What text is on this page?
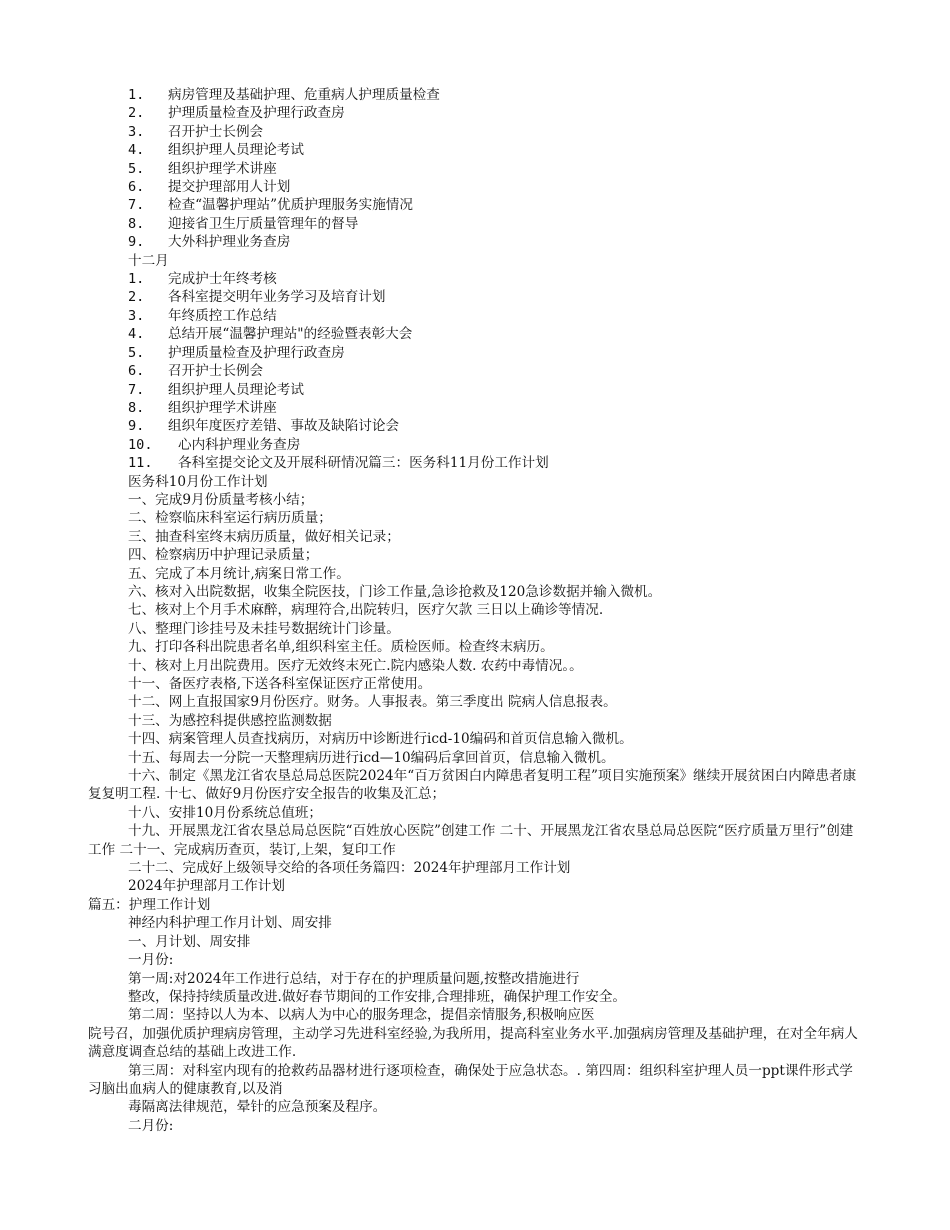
1. 病房管理及基础护理、危重病人护理质量检查
2. 护理质量检查及护理行政查房
3. 召开护士长例会
4. 组织护理人员理论考试
5. 组织护理学术讲座
6. 提交护理部用人计划
7. 检查“温馨护理站”优质护理服务实施情况
8. 迎接省卫生厅质量管理年的督导
9. 大外科护理业务查房
十二月
1. 完成护士年终考核
2. 各科室提交明年业务学习及培育计划
3. 年终质控工作总结
4. 总结开展“温馨护理站"的经验暨表彰大会
5. 护理质量检查及护理行政查房
6. 召开护士长例会
7. 组织护理人员理论考试
8. 组织护理学术讲座
9. 组织年度医疗差错、事故及缺陷讨论会
10. 心内科护理业务查房
11. 各科室提交论文及开展科研情况篇三：医务科11月份工作计划
医务科10月份工作计划
一、完成9月份质量考核小结；
二、检察临床科室运行病历质量；
三、抽查科室终末病历质量，做好相关记录；
四、检察病历中护理记录质量；
五、完成了本月统计,病案日常工作。
六、核对入出院数据，收集全院医技，门诊工作量,急诊抢救及120急诊数据并输入微机。
七、核对上个月手术麻醉，病理符合,出院转归，医疗欠款 三日以上确诊等情况.
八、整理门诊挂号及未挂号数据统计门诊量。
九、打印各科出院患者名单,组织科室主任。质检医师。检查终末病历。
十、核对上月出院费用。医疗无效终末死亡.院内感染人数. 农药中毒情况。。
十一、备医疗表格,下送各科室保证医疗正常使用。
十二、网上直报国家9月份医疗。财务。人事报表。第三季度出 院病人信息报表。
十三、为感控科提供感控监测数据
十四、病案管理人员查找病历，对病历中诊断进行icd-10编码和首页信息输入微机。
十五、每周去一分院一天整理病历进行icd—10编码后拿回首页，信息输入微机。
十六、制定《黑龙江省农垦总局总医院2024年“百万贫困白内障患者复明工程”项目实施预案》继续开展贫困白内障患者康复复明工程. 十七、做好9月份医疗安全报告的收集及汇总；
十八、安排10月份系统总值班；
十九、开展黑龙江省农垦总局总医院“百姓放心医院”创建工作 二十、开展黑龙江省农垦总局总医院“医疗质量万里行”创建工作 二十一、完成病历查页，装订,上架，复印工作
二十二、完成好上级领导交给的各项任务篇四：2024年护理部月工作计划
2024年护理部月工作计划
篇五：护理工作计划
神经内科护理工作月计划、周安排
一、月计划、周安排
一月份:
第一周:对2024年工作进行总结，对于存在的护理质量问题,按整改措施进行
整改，保持持续质量改进.做好春节期间的工作安排,合理排班，确保护理工作安全。
第二周：坚持以人为本、以病人为中心的服务理念，提倡亲情服务,积极响应医
院号召，加强优质护理病房管理，主动学习先进科室经验,为我所用，提高科室业务水平.加强病房管理及基础护理，在对全年病人满意度调查总结的基础上改进工作.
第三周：对科室内现有的抢救药品器材进行逐项检查，确保处于应急状态。. 第四周：组织科室护理人员一ppt课件形式学习脑出血病人的健康教育,以及消
毒隔离法律规范，晕针的应急预案及程序。
二月份:
